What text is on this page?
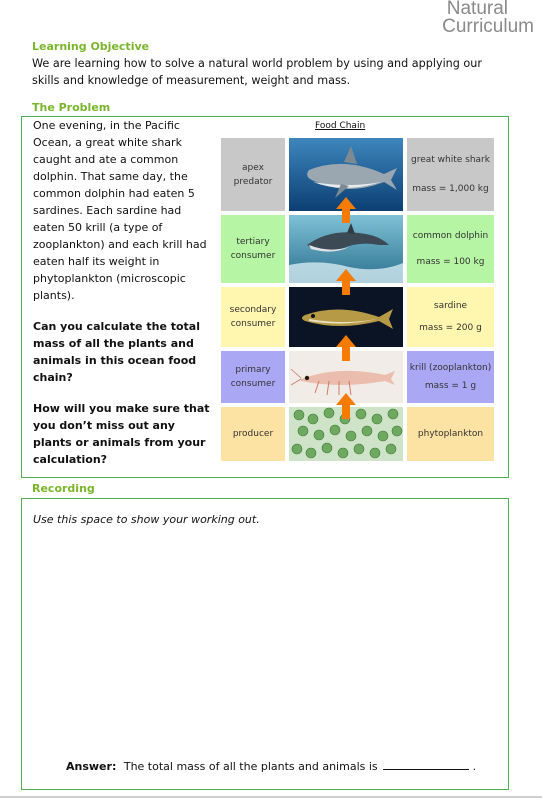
Natural
Curriculum
Learning Objective
We are learning how to solve a natural world problem by using and applying our skills and knowledge of measurement, weight and mass.
The Problem
One evening, in the Pacific Ocean, a great white shark caught and ate a common dolphin. That same day, the common dolphin had eaten 5 sardines. Each sardine had eaten 50 krill (a type of zooplankton) and each krill had eaten half its weight in phytoplankton (microscopic plants).
Can you calculate the total mass of all the plants and animals in this ocean food chain?
How will you make sure that you don’t miss out any plants or animals from your calculation?
Food Chain
apex predator
great white shark
mass = 1,000 kg
tertiary consumer
common dolphin
mass = 100 kg
secondary consumer
sardine
mass = 200 g
primary consumer
krill (zooplankton)
mass = 1 g
producer	phytoplankton
Recording
Use this space to show your working out.
Answer: The total mass of all the plants and animals is	.
